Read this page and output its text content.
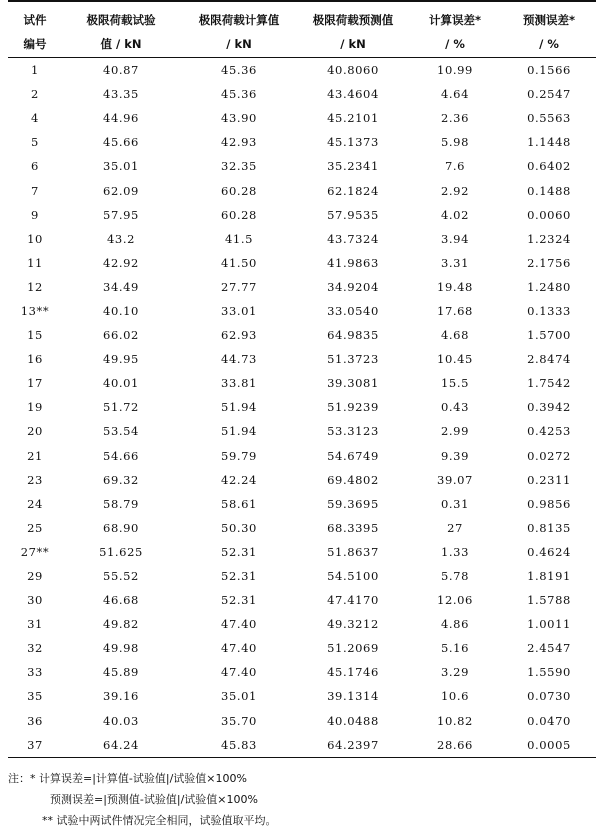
试件	极限荷载试验	极限荷载计算值	极限荷载预测值	计算误差*	预测误差*
编号	值 / kN	/ kN	/ kN	/ %	/ %
1	40.87	45.36	40.8060	10.99	0.1566
2	43.35	45.36	43.4604	4.64	0.2547
4	44.96	43.90	45.2101	2.36	0.5563
5	45.66	42.93	45.1373	5.98	1.1448
6	35.01	32.35	35.2341	7.6	0.6402
7	62.09	60.28	62.1824	2.92	0.1488
9	57.95	60.28	57.9535	4.02	0.0060
10	43.2	41.5	43.7324	3.94	1.2324
11	42.92	41.50	41.9863	3.31	2.1756
12	34.49	27.77	34.9204	19.48	1.2480
13**	40.10	33.01	33.0540	17.68	0.1333
15	66.02	62.93	64.9835	4.68	1.5700
16	49.95	44.73	51.3723	10.45	2.8474
17	40.01	33.81	39.3081	15.5	1.7542
19	51.72	51.94	51.9239	0.43	0.3942
20	53.54	51.94	53.3123	2.99	0.4253
21	54.66	59.79	54.6749	9.39	0.0272
23	69.32	42.24	69.4802	39.07	0.2311
24	58.79	58.61	59.3695	0.31	0.9856
25	68.90	50.30	68.3395	27	0.8135
27**	51.625	52.31	51.8637	1.33	0.4624
29	55.52	52.31	54.5100	5.78	1.8191
30	46.68	52.31	47.4170	12.06	1.5788
31	49.82	47.40	49.3212	4.86	1.0011
32	49.98	47.40	51.2069	5.16	2.4547
33	45.89	47.40	45.1746	3.29	1.5590
35	39.16	35.01	39.1314	10.6	0.0730
36	40.03	35.70	40.0488	10.82	0.0470
37	64.24	45.83	64.2397	28.66	0.0005
注：* 计算误差=|计算值-试验值|/试验值×100%
预测误差=|预测值-试验值|/试验值×100%
** 试验中两试件情况完全相同，试验值取平均。
